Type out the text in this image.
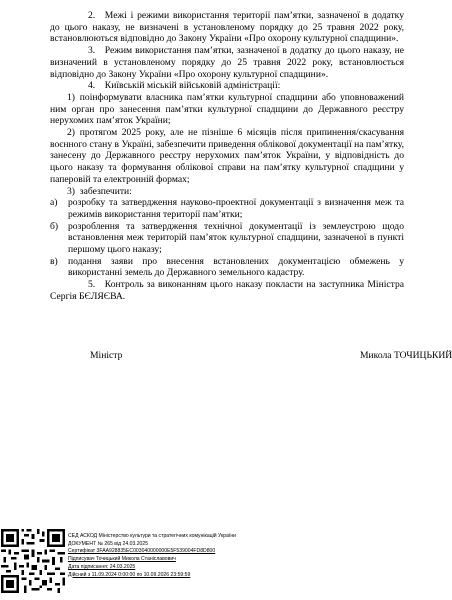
2. Межі і режими використання території пам’ятки, зазначеної в додатку до цього наказу, не визначені в установленому порядку до 25 травня 2022 року, встановлюються відповідно до Закону України «Про охорону культурної спадщини».

3. Режим використання пам’ятки, зазначеної в додатку до цього наказу, не визначений в установленому порядку до 25 травня 2022 року, встановлюється відповідно до Закону України «Про охорону культурної спадщини».

4. Київській міській військовій адміністрації:

1) поінформувати власника пам’ятки культурної спадщини або уповноважений ним орган про занесення пам’ятки культурної спадщини до Державного реєстру нерухомих пам’яток України;

2) протягом 2025 року, але не пізніше 6 місяців після припинення/скасування воєнного стану в Україні, забезпечити приведення облікової документації на пам’ятку, занесену до Державного реєстру нерухомих пам’яток України, у відповідність до цього наказу та формування облікової справи на пам’ятку культурної спадщини у паперовій та електронній формах;

3) забезпечити:

а)	розробку та затвердження науково-проектної документації з визначення меж та режимів використання території пам’ятки;
б)	розроблення та затвердження технічної документації із землеустрою щодо встановлення меж територій пам’яток культурної спадщини, зазначеної в пункті першому цього наказу;
в)	подання заяви про внесення встановлених документацією обмежень у використанні земель до Державного земельного кадастру.

5. Контроль за виконанням цього наказу покласти на заступника Міністра Сергія БЄЛЯЄВА.

Міністр	Микола ТОЧИЦЬКИЙ
СЕД АСКОД Міністерство культури та стратегічних комунікацій України
ДОКУМЕНТ № 265 від 24.03.2025
Сертифікат 3FAA928835EC003040000000E5F539004FD8D800
Підписувач Точицький Микола Станіславович
Дата підписання: 24.03.2025
Дійсний з 11.09.2024 0:00:00 по 10.09.2026 23:59:59
